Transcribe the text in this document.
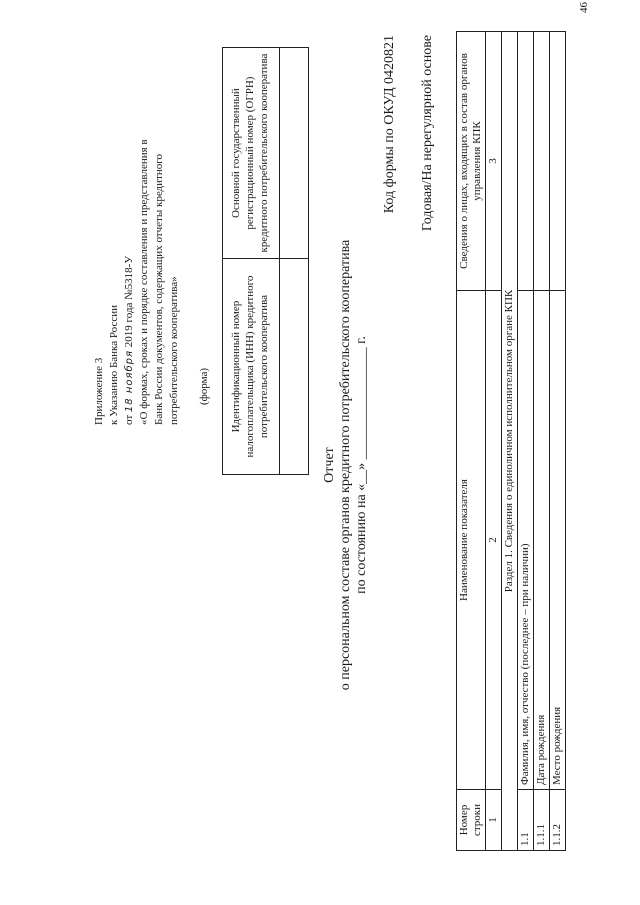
Приложение 3 к Указанию Банка России от 18 ноября 2019 года №5318-У «О формах, сроках и порядке составления и представления в Банк России документов, содержащих отчеты кредитного потребительского кооператива» (форма) Идентификационный номер налогоплательщика (ИНН) кредитного потребительского кооператива	Основной государственный регистрационный номер (ОГРН) кредитного потребительского кооператива

Отчет о персональном составе органов кредитного потребительского кооператива по состоянию на «__» ________________ г.
Код формы по ОКУД 0420821 Годовая/На нерегулярной основе
Номер строки	Наименование показателя	Сведения о лицах, входящих в состав органов управления КПК
1	2	3
Раздел 1. Сведения о единоличном исполнительном органе КПК		
1.1	Фамилия, имя, отчество (последнее – при наличии)	
1.1.1	Дата рождения	
1.1.2	Место рождения	
46
